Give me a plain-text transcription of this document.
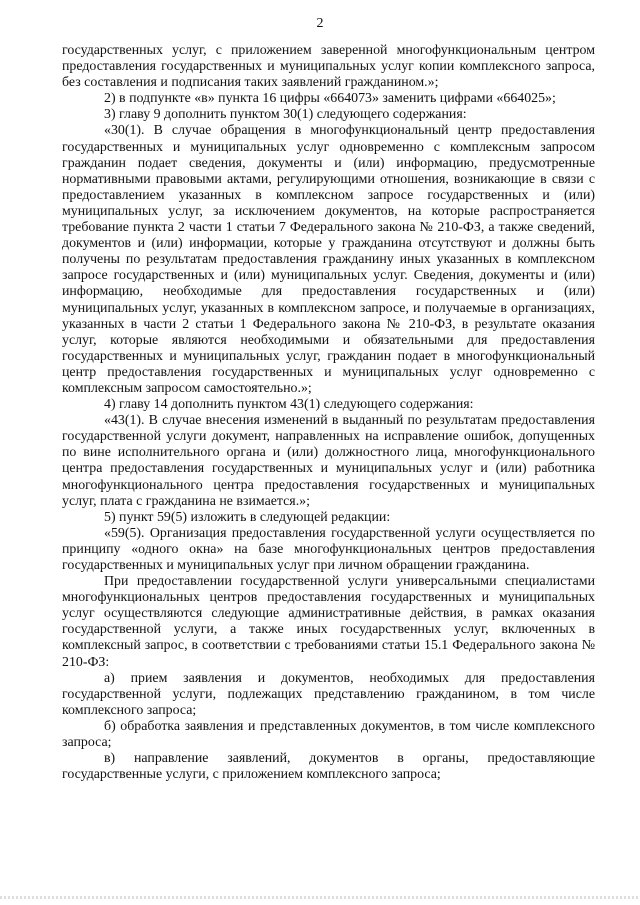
2

государственных услуг, с приложением заверенной многофункциональным центром предоставления государственных и муниципальных услуг копии комплексного запроса, без составления и подписания таких заявлений гражданином.»;

2) в подпункте «в» пункта 16 цифры «664073» заменить цифрами «664025»;

3) главу 9 дополнить пунктом 30(1) следующего содержания:

«30(1). В случае обращения в многофункциональный центр предоставления государственных и муниципальных услуг одновременно с комплексным запросом гражданин подает сведения, документы и (или) информацию, предусмотренные нормативными правовыми актами, регулирующими отношения, возникающие в связи с предоставлением указанных в комплексном запросе государственных и (или) муниципальных услуг, за исключением документов, на которые распространяется требование пункта 2 части 1 статьи 7 Федерального закона № 210-ФЗ, а также сведений, документов и (или) информации, которые у гражданина отсутствуют и должны быть получены по результатам предоставления гражданину иных указанных в комплексном запросе государственных и (или) муниципальных услуг. Сведения, документы и (или) информацию, необходимые для предоставления государственных и (или) муниципальных услуг, указанных в комплексном запросе, и получаемые в организациях, указанных в части 2 статьи 1 Федерального закона № 210-ФЗ, в результате оказания услуг, которые являются необходимыми и обязательными для предоставления государственных и муниципальных услуг, гражданин подает в многофункциональный центр предоставления государственных и муниципальных услуг одновременно с комплексным запросом самостоятельно.»;

4) главу 14 дополнить пунктом 43(1) следующего содержания:

«43(1). В случае внесения изменений в выданный по результатам предоставления государственной услуги документ, направленных на исправление ошибок, допущенных по вине исполнительного органа и (или) должностного лица, многофункционального центра предоставления государственных и муниципальных услуг и (или) работника многофункционального центра предоставления государственных и муниципальных услуг, плата с гражданина не взимается.»;

5) пункт 59(5) изложить в следующей редакции:

«59(5). Организация предоставления государственной услуги осуществляется по принципу «одного окна» на базе многофункциональных центров предоставления государственных и муниципальных услуг при личном обращении гражданина.

При предоставлении государственной услуги универсальными специалистами многофункциональных центров предоставления государственных и муниципальных услуг осуществляются следующие административные действия, в рамках оказания государственной услуги, а также иных государственных услуг, включенных в комплексный запрос, в соответствии с требованиями статьи 15.1 Федерального закона № 210-ФЗ:

а) прием заявления и документов, необходимых для предоставления государственной услуги, подлежащих представлению гражданином, в том числе комплексного запроса;

б) обработка заявления и представленных документов, в том числе комплексного запроса;

в) направление заявлений, документов в органы, предоставляющие государственные услуги, с приложением комплексного запроса;
